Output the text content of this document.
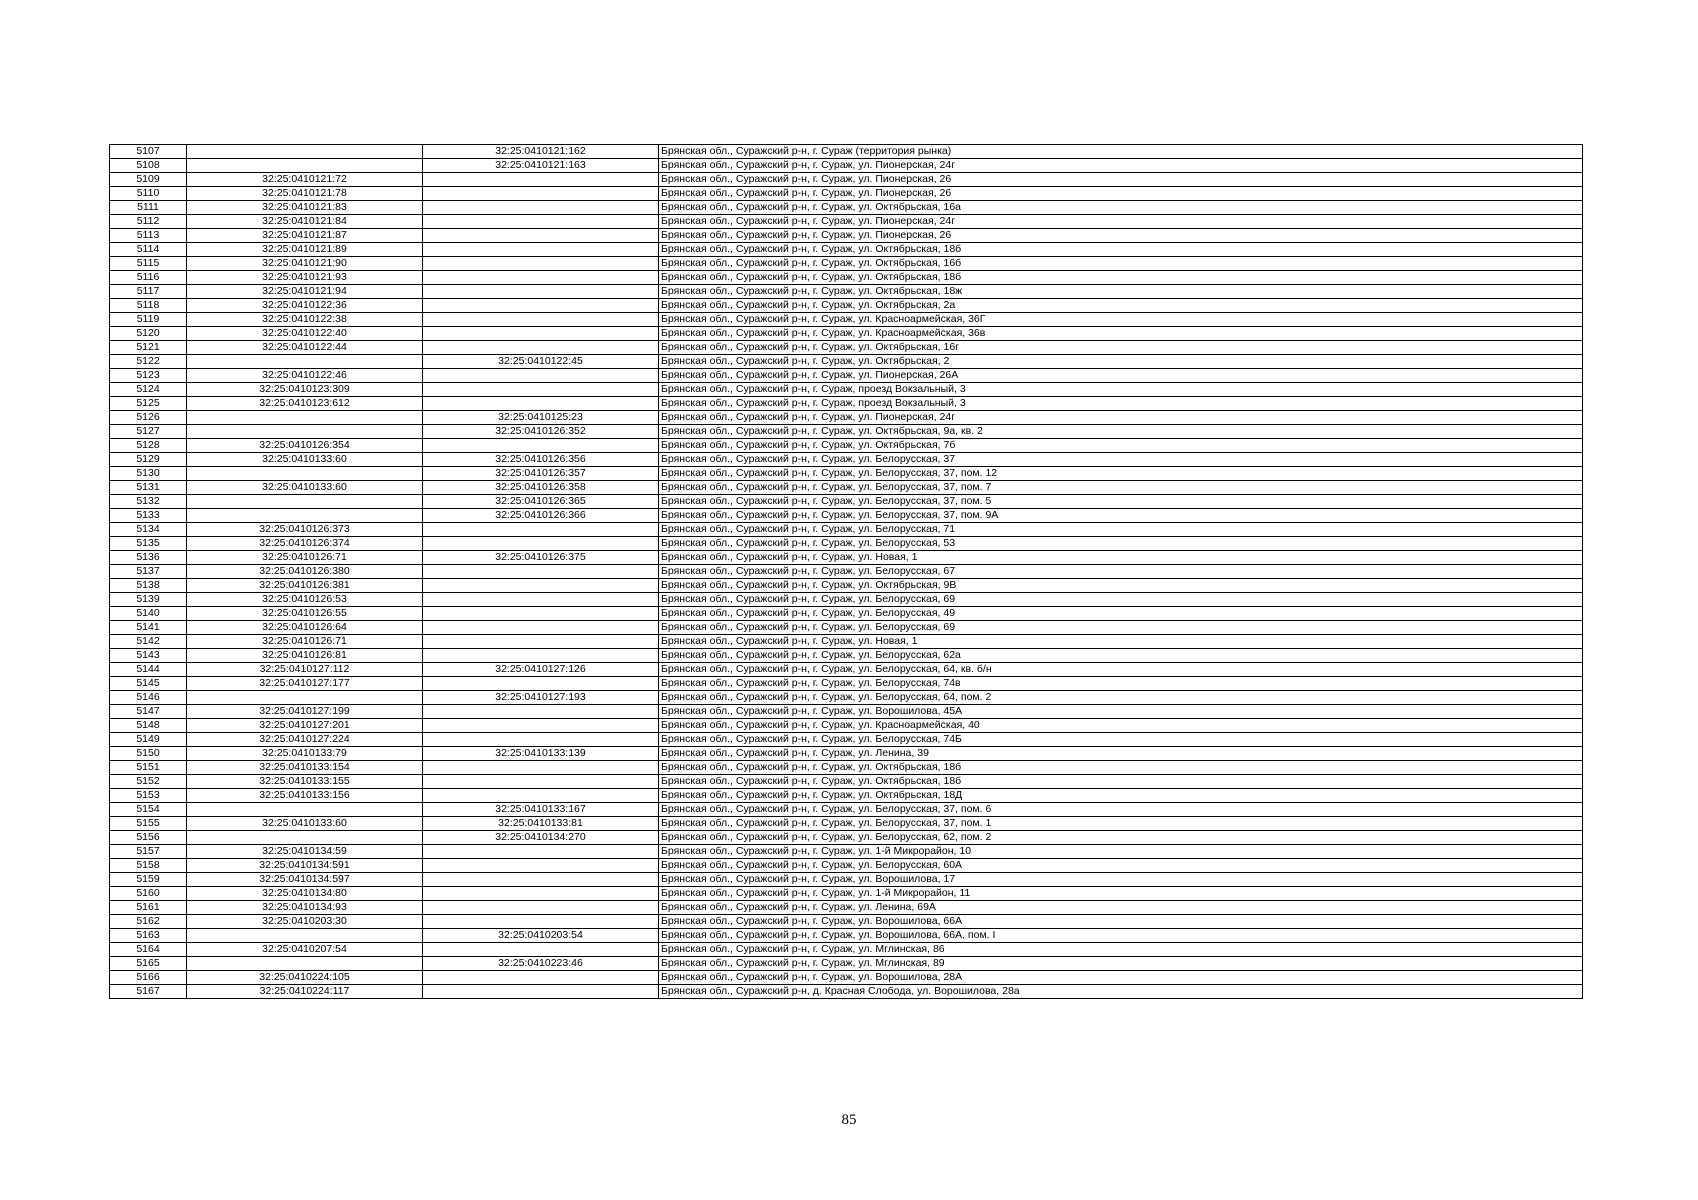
5107		32:25:0410121:162	Брянская обл., Суражский р-н, г. Сураж (территория рынка)
5108		32:25:0410121:163	Брянская обл., Суражский р-н, г. Сураж, ул. Пионерская, 24г
5109	32:25:0410121:72		Брянская обл., Суражский р-н, г. Сураж, ул. Пионерская, 26
5110	32:25:0410121:78		Брянская обл., Суражский р-н, г. Сураж, ул. Пионерская, 26
5111	32:25:0410121:83		Брянская обл., Суражский р-н, г. Сураж, ул. Октябрьская, 16а
5112	32:25:0410121:84		Брянская обл., Суражский р-н, г. Сураж, ул. Пионерская, 24г
5113	32:25:0410121:87		Брянская обл., Суражский р-н, г. Сураж, ул. Пионерская, 26
5114	32:25:0410121:89		Брянская обл., Суражский р-н, г. Сураж, ул. Октябрьская, 18б
5115	32:25:0410121:90		Брянская обл., Суражский р-н, г. Сураж, ул. Октябрьская, 16б
5116	32:25:0410121:93		Брянская обл., Суражский р-н, г. Сураж, ул. Октябрьская, 18б
5117	32:25:0410121:94		Брянская обл., Суражский р-н, г. Сураж, ул. Октябрьская, 18ж
5118	32:25:0410122:36		Брянская обл., Суражский р-н, г. Сураж, ул. Октябрьская, 2а
5119	32:25:0410122:38		Брянская обл., Суражский р-н, г. Сураж, ул. Красноармейская, 36Г
5120	32:25:0410122:40		Брянская обл., Суражский р-н, г. Сураж, ул. Красноармейская, 36в
5121	32:25:0410122:44		Брянская обл., Суражский р-н, г. Сураж, ул. Октябрьская, 16г
5122		32:25:0410122:45	Брянская обл., Суражский р-н, г. Сураж, ул. Октябрьская, 2
5123	32:25:0410122:46		Брянская обл., Суражский р-н, г. Сураж, ул. Пионерская, 26А
5124	32:25:0410123:309		Брянская обл., Суражский р-н, г. Сураж, проезд Вокзальный, 3
5125	32:25:0410123:612		Брянская обл., Суражский р-н, г. Сураж, проезд Вокзальный, 3
5126		32:25:0410125:23	Брянская обл., Суражский р-н, г. Сураж, ул. Пионерская, 24г
5127		32:25:0410126:352	Брянская обл., Суражский р-н, г. Сураж, ул. Октябрьская, 9а, кв. 2
5128	32:25:0410126:354		Брянская обл., Суражский р-н, г. Сураж, ул. Октябрьская, 7б
5129	32:25:0410133:60	32:25:0410126:356	Брянская обл., Суражский р-н, г. Сураж, ул. Белорусская, 37
5130		32:25:0410126:357	Брянская обл., Суражский р-н, г. Сураж, ул. Белорусская, 37, пом. 12
5131	32:25:0410133:60	32:25:0410126:358	Брянская обл., Суражский р-н, г. Сураж, ул. Белорусская, 37, пом. 7
5132		32:25:0410126:365	Брянская обл., Суражский р-н, г. Сураж, ул. Белорусская, 37, пом. 5
5133		32:25:0410126:366	Брянская обл., Суражский р-н, г. Сураж, ул. Белорусская, 37, пом. 9А
5134	32:25:0410126:373		Брянская обл., Суражский р-н, г. Сураж, ул. Белорусская, 71
5135	32:25:0410126:374		Брянская обл., Суражский р-н, г. Сураж, ул. Белорусская, 53
5136	32:25:0410126:71	32:25:0410126:375	Брянская обл., Суражский р-н, г. Сураж, ул. Новая, 1
5137	32:25:0410126:380		Брянская обл., Суражский р-н, г. Сураж, ул. Белорусская, 67
5138	32:25:0410126:381		Брянская обл., Суражский р-н, г. Сураж, ул. Октябрьская, 9В
5139	32:25:0410126:53		Брянская обл., Суражский р-н, г. Сураж, ул. Белорусская, 69
5140	32:25:0410126:55		Брянская обл., Суражский р-н, г. Сураж, ул. Белорусская, 49
5141	32:25:0410126:64		Брянская обл., Суражский р-н, г. Сураж, ул. Белорусская, 69
5142	32:25:0410126:71		Брянская обл., Суражский р-н, г. Сураж, ул. Новая, 1
5143	32:25:0410126:81		Брянская обл., Суражский р-н, г. Сураж, ул. Белорусская, 62а
5144	32:25:0410127:112	32:25:0410127:126	Брянская обл., Суражский р-н, г. Сураж, ул. Белорусская, 64, кв. б/н
5145	32:25:0410127:177		Брянская обл., Суражский р-н, г. Сураж, ул. Белорусская, 74в
5146		32:25:0410127:193	Брянская обл., Суражский р-н, г. Сураж, ул. Белорусская, 64, пом. 2
5147	32:25:0410127:199		Брянская обл., Суражский р-н, г. Сураж, ул. Ворошилова, 45А
5148	32:25:0410127:201		Брянская обл., Суражский р-н, г. Сураж, ул. Красноармейская, 40
5149	32:25:0410127:224		Брянская обл., Суражский р-н, г. Сураж, ул. Белорусская, 74Б
5150	32:25:0410133:79	32:25:0410133:139	Брянская обл., Суражский р-н, г. Сураж, ул. Ленина, 39
5151	32:25:0410133:154		Брянская обл., Суражский р-н, г. Сураж, ул. Октябрьская, 18б
5152	32:25:0410133:155		Брянская обл., Суражский р-н, г. Сураж, ул. Октябрьская, 18б
5153	32:25:0410133:156		Брянская обл., Суражский р-н, г. Сураж, ул. Октябрьская, 18Д
5154		32:25:0410133:167	Брянская обл., Суражский р-н, г. Сураж, ул. Белорусская, 37, пом. 6
5155	32:25:0410133:60	32:25:0410133:81	Брянская обл., Суражский р-н, г. Сураж, ул. Белорусская, 37, пом. 1
5156		32:25:0410134:270	Брянская обл., Суражский р-н, г. Сураж, ул. Белорусская, 62, пом. 2
5157	32:25:0410134:59		Брянская обл., Суражский р-н, г. Сураж, ул. 1-й Микрорайон, 10
5158	32:25:0410134:591		Брянская обл., Суражский р-н, г. Сураж, ул. Белорусская, 60А
5159	32:25:0410134:597		Брянская обл., Суражский р-н, г. Сураж, ул. Ворошилова, 17
5160	32:25:0410134:80		Брянская обл., Суражский р-н, г. Сураж, ул. 1-й Микрорайон, 11
5161	32:25:0410134:93		Брянская обл., Суражский р-н, г. Сураж, ул. Ленина, 69А
5162	32:25:0410203:30		Брянская обл., Суражский р-н, г. Сураж, ул. Ворошилова, 66А
5163		32:25:0410203:54	Брянская обл., Суражский р-н, г. Сураж, ул. Ворошилова, 66А, пом. I
5164	32:25:0410207:54		Брянская обл., Суражский р-н, г. Сураж, ул. Мглинская, 86
5165		32:25:0410223:46	Брянская обл., Суражский р-н, г. Сураж, ул. Мглинская, 89
5166	32:25:0410224:105		Брянская обл., Суражский р-н, г. Сураж, ул. Ворошилова, 28А
5167	32:25:0410224:117		Брянская обл., Суражский р-н, д. Красная Слобода, ул. Ворошилова, 28а
85
